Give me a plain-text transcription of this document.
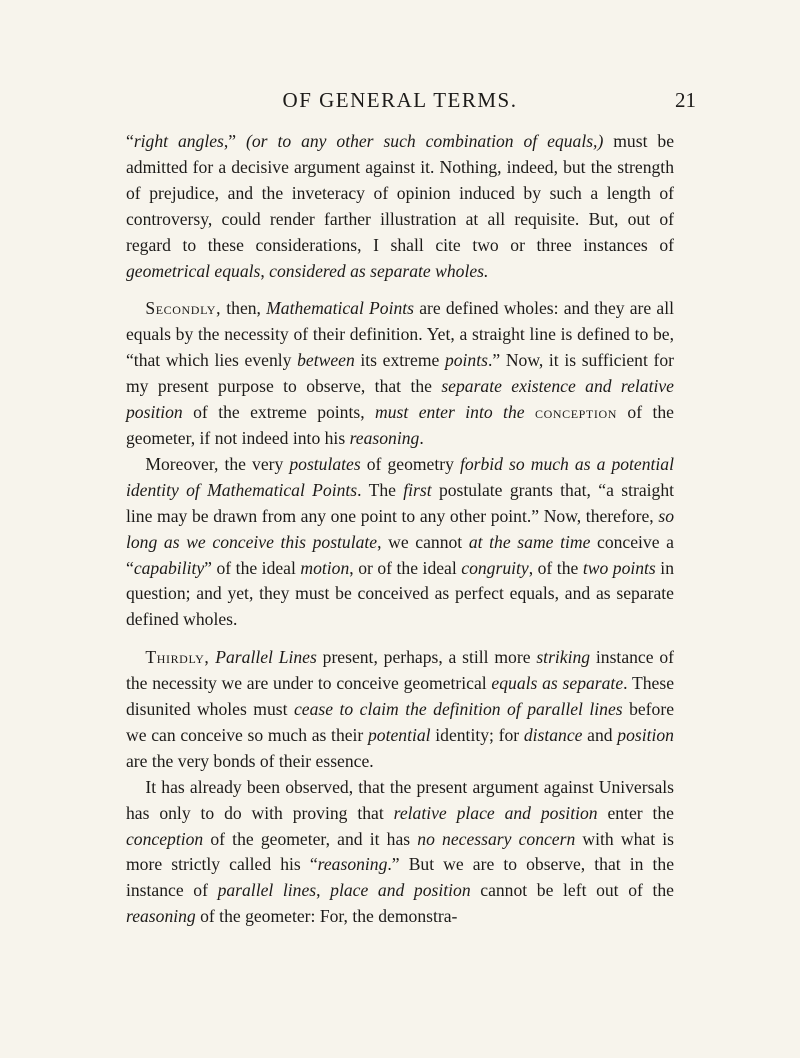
OF GENERAL TERMS.	21

“right angles,” (or to any other such combination of equals,) must be admitted for a decisive argument against it. Nothing, indeed, but the strength of prejudice, and the inveteracy of opinion induced by such a length of controversy, could render farther illustration at all requisite. But, out of regard to these considerations, I shall cite two or three instances of geometrical equals, considered as separate wholes.

Secondly, then, Mathematical Points are defined wholes: and they are all equals by the necessity of their definition. Yet, a straight line is defined to be, “that which lies evenly between its extreme points.” Now, it is sufficient for my present purpose to observe, that the separate existence and relative position of the extreme points, must enter into the conception of the geometer, if not indeed into his reasoning.

Moreover, the very postulates of geometry forbid so much as a potential identity of Mathematical Points. The first postulate grants that, “a straight line may be drawn from any one point to any other point.” Now, therefore, so long as we conceive this postulate, we cannot at the same time conceive a “capability” of the ideal motion, or of the ideal congruity, of the two points in question; and yet, they must be conceived as perfect equals, and as separate defined wholes.

Thirdly, Parallel Lines present, perhaps, a still more striking instance of the necessity we are under to conceive geometrical equals as separate. These disunited wholes must cease to claim the definition of parallel lines before we can conceive so much as their potential identity; for distance and position are the very bonds of their essence.

It has already been observed, that the present argument against Universals has only to do with proving that relative place and position enter the conception of the geometer, and it has no necessary concern with what is more strictly called his “reasoning.” But we are to observe, that in the instance of parallel lines, place and position cannot be left out of the reasoning of the geometer: For, the demonstra-
